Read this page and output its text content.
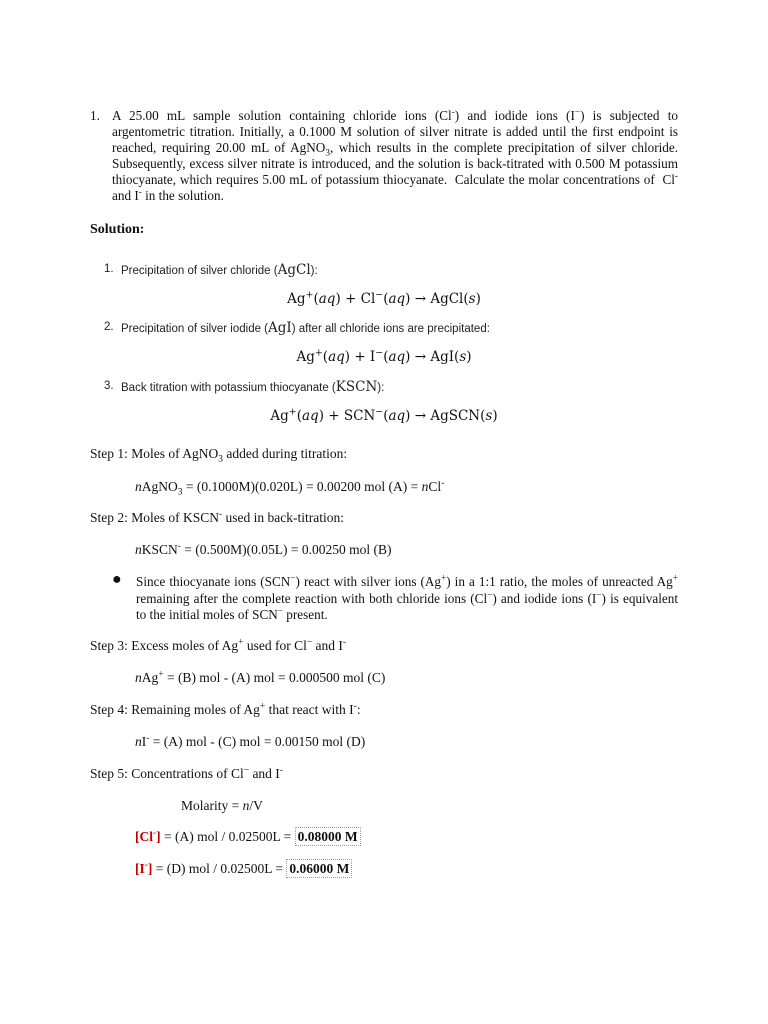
1. A 25.00 mL sample solution containing chloride ions (Cl-) and iodide ions (I−) is subjected to argentometric titration. Initially, a 0.1000 M solution of silver nitrate is added until the first endpoint is reached, requiring 20.00 mL of AgNO$_3$, which results in the complete precipitation of silver chloride. Subsequently, excess silver nitrate is introduced, and the solution is back-titrated with 0.500 M potassium thiocyanate, which requires 5.00 mL of potassium thiocyanate.  Calculate the molar concentrations of  Cl- and I- in the solution.
Solution:
1. Precipitation of silver chloride (AgCl):
Ag+(aq) + Cl−(aq) → AgCl(s)
2. Precipitation of silver iodide (AgI) after all chloride ions are precipitated:
Ag+(aq) + I−(aq) → AgI(s)
3. Back titration with potassium thiocyanate (KSCN):
Ag+(aq) + SCN−(aq) → AgSCN(s)
Step 1: Moles of AgNO$_3$ added during titration:
nAgNO$_3$ = (0.1000M)(0.020L) = 0.00200 mol (A) = nCl-
Step 2: Moles of KSCN- used in back-titration:
nKSCN- = (0.500M)(0.05L) = 0.00250 mol (B)
● Since thiocyanate ions (SCN−) react with silver ions (Ag+) in a 1:1 ratio, the moles of unreacted Ag+ remaining after the complete reaction with both chloride ions (Cl−) and iodide ions (I−) is equivalent to the initial moles of SCN− present.
Step 3: Excess moles of Ag+ used for Cl− and I-
nAg+ = (B) mol - (A) mol = 0.000500 mol (C)
Step 4: Remaining moles of Ag+ that react with I-:
nI- = (A) mol - (C) mol = 0.00150 mol (D)
Step 5: Concentrations of Cl− and I-
Molarity = n/V
[Cl-] = (A) mol / 0.02500L = 0.08000 M
[I-] = (D) mol / 0.02500L = 0.06000 M
